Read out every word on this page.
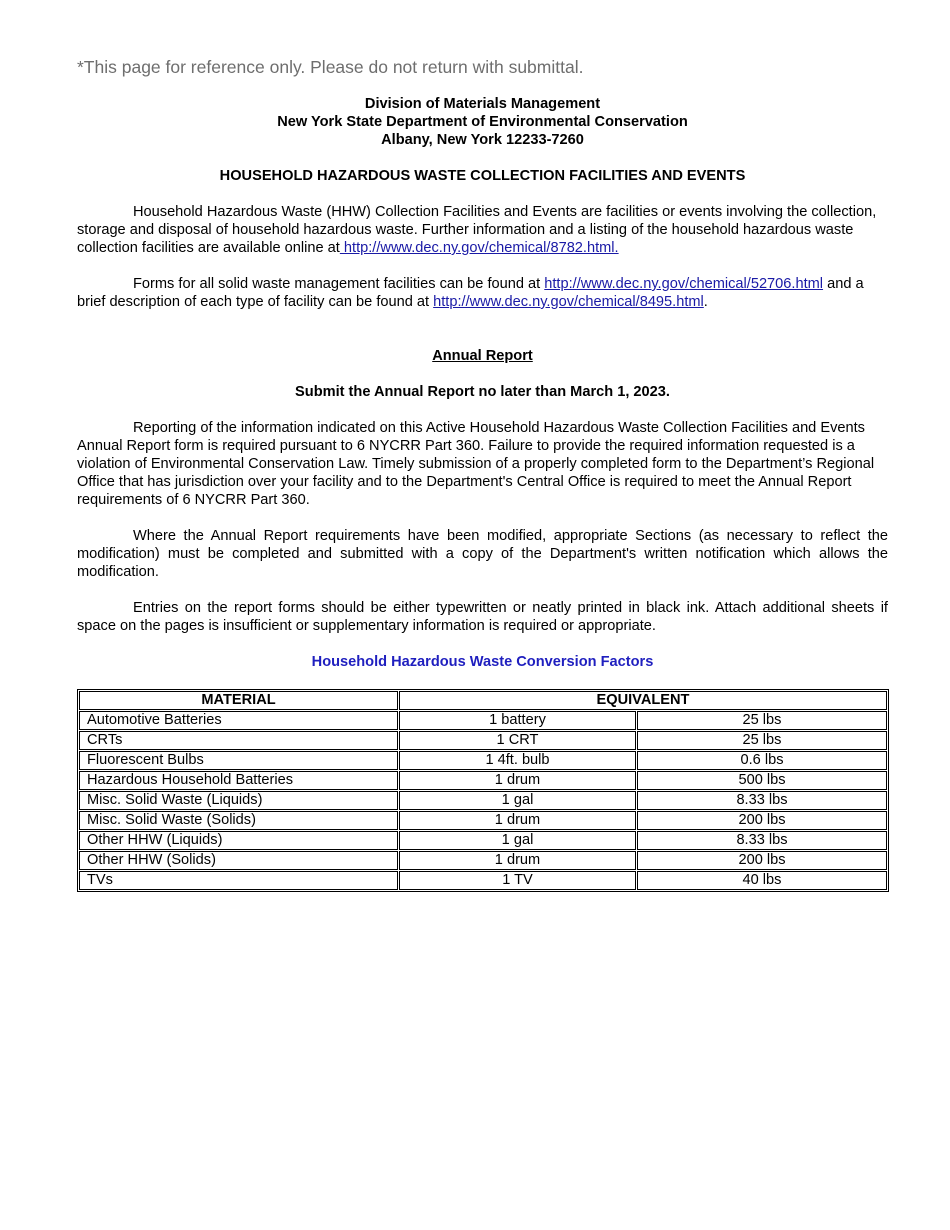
*This page for reference only. Please do not return with submittal.

Division of Materials Management
New York State Department of Environmental Conservation
Albany, New York 12233-7260
HOUSEHOLD HAZARDOUS WASTE COLLECTION FACILITIES AND EVENTS

Household Hazardous Waste (HHW) Collection Facilities and Events are facilities or events involving the collection, storage and disposal of household hazardous waste. Further information and a listing of the household hazardous waste collection facilities are available online at http://www.dec.ny.gov/chemical/8782.html.

Forms for all solid waste management facilities can be found at http://www.dec.ny.gov/chemical/52706.html and a brief description of each type of facility can be found at http://www.dec.ny.gov/chemical/8495.html.

Annual Report
Submit the Annual Report no later than March 1, 2023.

Reporting of the information indicated on this Active Household Hazardous Waste Collection Facilities and Events Annual Report form is required pursuant to 6 NYCRR Part 360. Failure to provide the required information requested is a violation of Environmental Conservation Law. Timely submission of a properly completed form to the Department’s Regional Office that has jurisdiction over your facility and to the Department's Central Office is required to meet the Annual Report requirements of 6 NYCRR Part 360.

Where the Annual Report requirements have been modified, appropriate Sections (as necessary to reflect the modification) must be completed and submitted with a copy of the Department's written notification which allows the modification.

Entries on the report forms should be either typewritten or neatly printed in black ink. Attach additional sheets if space on the pages is insufficient or supplementary information is required or appropriate.

Household Hazardous Waste Conversion Factors
MATERIAL	EQUIVALENT	
Automotive Batteries	1 battery	25 lbs
CRTs	1 CRT	25 lbs
Fluorescent Bulbs	1 4ft. bulb	0.6 lbs
Hazardous Household Batteries	1 drum	500 lbs
Misc. Solid Waste (Liquids)	1 gal	8.33 lbs
Misc. Solid Waste (Solids)	1 drum	200 lbs
Other HHW (Liquids)	1 gal	8.33 lbs
Other HHW (Solids)	1 drum	200 lbs
TVs	1 TV	40 lbs
